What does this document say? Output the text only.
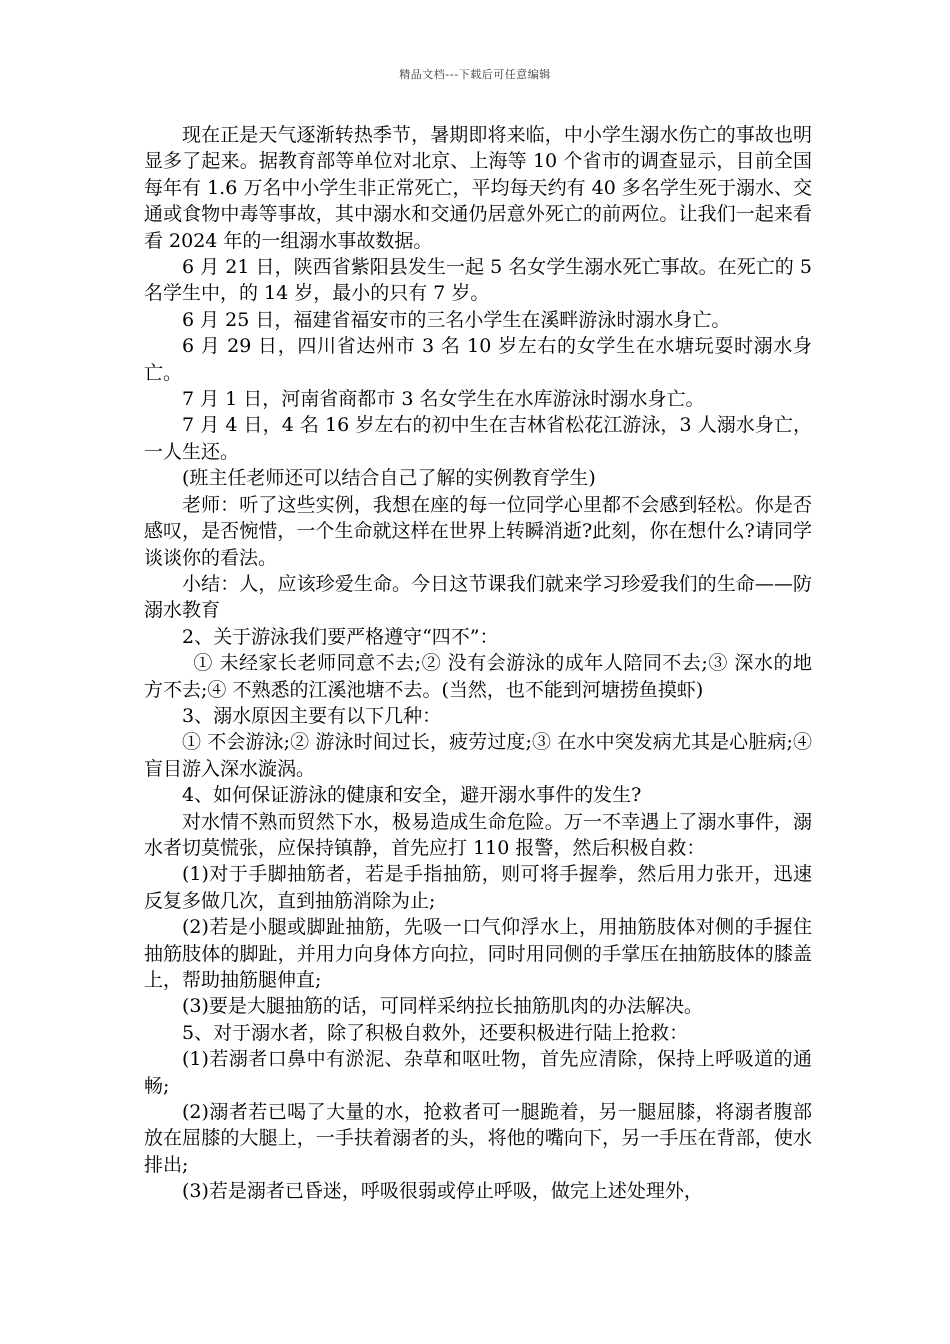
精品文档---下载后可任意编辑

现在正是天气逐渐转热季节，暑期即将来临，中小学生溺水伤亡的事故也明显多了起来。据教育部等单位对北京、上海等 10 个省市的调查显示，目前全国每年有 1.6 万名中小学生非正常死亡，平均每天约有 40 多名学生死于溺水、交通或食物中毒等事故，其中溺水和交通仍居意外死亡的前两位。让我们一起来看看 2024 年的一组溺水事故数据。

6 月 21 日，陕西省紫阳县发生一起 5 名女学生溺水死亡事故。在死亡的 5 名学生中，的 14 岁，最小的只有 7 岁。

6 月 25 日，福建省福安市的三名小学生在溪畔游泳时溺水身亡。

6 月 29 日，四川省达州市 3 名 10 岁左右的女学生在水塘玩耍时溺水身亡。

7 月 1 日，河南省商都市 3 名女学生在水库游泳时溺水身亡。

7 月 4 日，4 名 16 岁左右的初中生在吉林省松花江游泳，3 人溺水身亡，一人生还。

(班主任老师还可以结合自己了解的实例教育学生)

老师：听了这些实例，我想在座的每一位同学心里都不会感到轻松。你是否感叹，是否惋惜，一个生命就这样在世界上转瞬消逝?此刻，你在想什么?请同学谈谈你的看法。

小结：人，应该珍爱生命。今日这节课我们就来学习珍爱我们的生命——防溺水教育

2、关于游泳我们要严格遵守“四不”：

① 未经家长老师同意不去;② 没有会游泳的成年人陪同不去;③ 深水的地方不去;④ 不熟悉的江溪池塘不去。(当然，也不能到河塘捞鱼摸虾)

3、溺水原因主要有以下几种：

① 不会游泳;② 游泳时间过长，疲劳过度;③ 在水中突发病尤其是心脏病;④ 盲目游入深水漩涡。

4、如何保证游泳的健康和安全，避开溺水事件的发生?

对水情不熟而贸然下水，极易造成生命危险。万一不幸遇上了溺水事件，溺水者切莫慌张，应保持镇静，首先应打 110 报警，然后积极自救：

(1)对于手脚抽筋者，若是手指抽筋，则可将手握拳，然后用力张开，迅速反复多做几次，直到抽筋消除为止;

(2)若是小腿或脚趾抽筋，先吸一口气仰浮水上，用抽筋肢体对侧的手握住抽筋肢体的脚趾，并用力向身体方向拉，同时用同侧的手掌压在抽筋肢体的膝盖上，帮助抽筋腿伸直;

(3)要是大腿抽筋的话，可同样采纳拉长抽筋肌肉的办法解决。

5、对于溺水者，除了积极自救外，还要积极进行陆上抢救：

(1)若溺者口鼻中有淤泥、杂草和呕吐物，首先应清除，保持上呼吸道的通畅;

(2)溺者若已喝了大量的水，抢救者可一腿跪着，另一腿屈膝，将溺者腹部放在屈膝的大腿上，一手扶着溺者的头，将他的嘴向下，另一手压在背部，使水排出;

(3)若是溺者已昏迷，呼吸很弱或停止呼吸，做完上述处理外，
